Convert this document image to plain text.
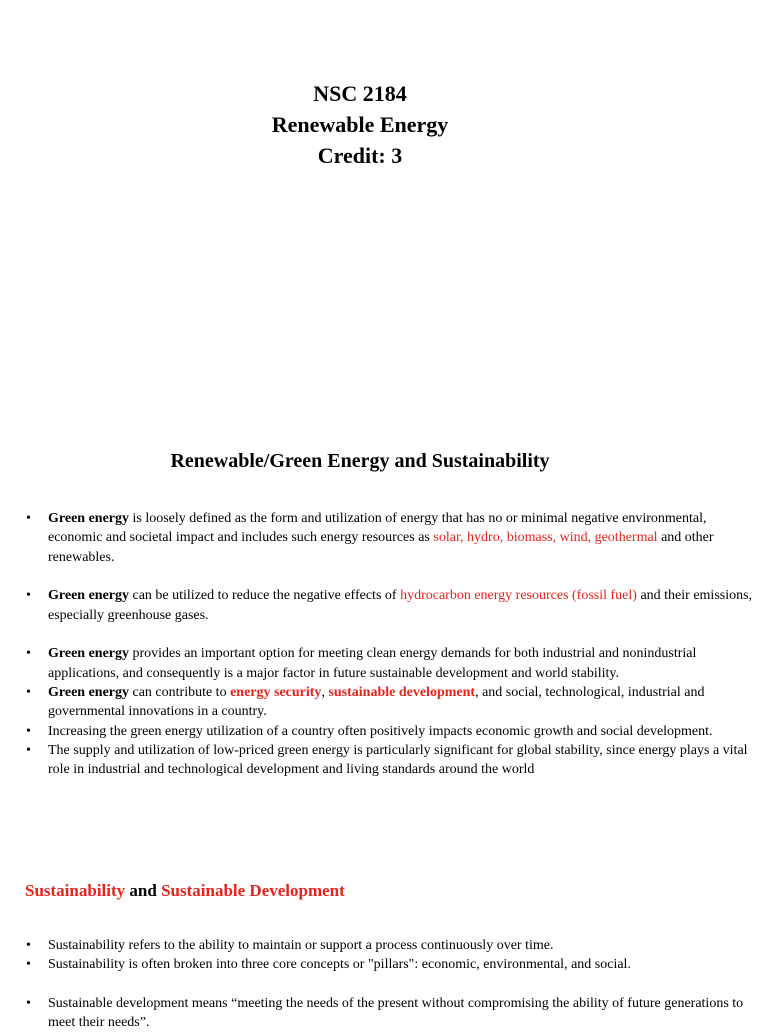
NSC 2184
Renewable Energy
Credit: 3
Renewable/Green Energy and Sustainability
• Green energy is loosely defined as the form and utilization of energy that has no or minimal negative environmental, economic and societal impact and includes such energy resources as solar, hydro, biomass, wind, geothermal and other renewables.
• Green energy can be utilized to reduce the negative effects of hydrocarbon energy resources (fossil fuel) and their emissions, especially greenhouse gases.
• Green energy provides an important option for meeting clean energy demands for both industrial and nonindustrial applications, and consequently is a major factor in future sustainable development and world stability.
• Green energy can contribute to energy security, sustainable development, and social, technological, industrial and governmental innovations in a country.
• Increasing the green energy utilization of a country often positively impacts economic growth and social development.
• The supply and utilization of low-priced green energy is particularly significant for global stability, since energy plays a vital role in industrial and technological development and living standards around the world
Sustainability and Sustainable Development
• Sustainability refers to the ability to maintain or support a process continuously over time.
• Sustainability is often broken into three core concepts or "pillars": economic, environmental, and social.
• Sustainable development means “meeting the needs of the present without compromising the ability of future generations to meet their needs”.
